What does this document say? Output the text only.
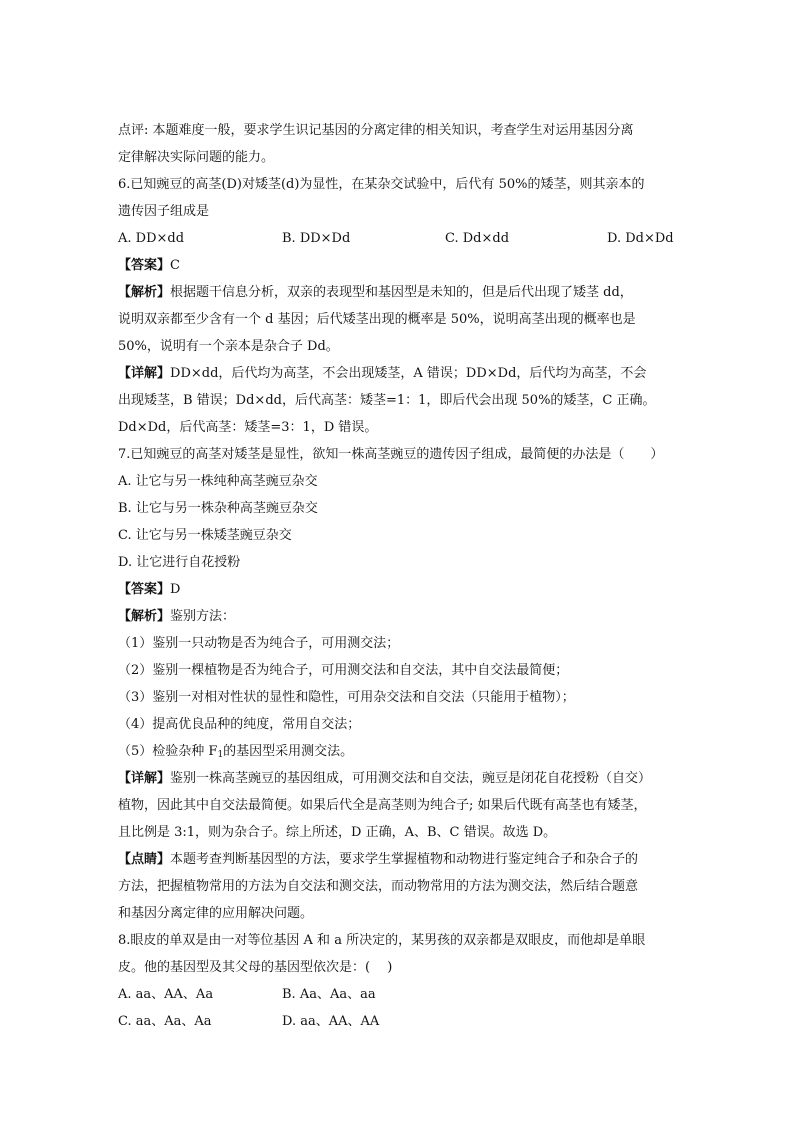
点评: 本题难度一般，要求学生识记基因的分离定律的相关知识，考查学生对运用基因分离
定律解决实际问题的能力。
6.已知豌豆的高茎(D)对矮茎(d)为显性，在某杂交试验中，后代有 50%的矮茎，则其亲本的
遗传因子组成是
A. DD×dd	B. DD×Dd	C. Dd×dd	D. Dd×Dd
【答案】C
【解析】根据题干信息分析，双亲的表现型和基因型是未知的，但是后代出现了矮茎 dd，
说明双亲都至少含有一个 d 基因；后代矮茎出现的概率是 50%，说明高茎出现的概率也是
50%，说明有一个亲本是杂合子 Dd。
【详解】DD×dd，后代均为高茎，不会出现矮茎，A 错误；DD×Dd，后代均为高茎，不会
出现矮茎，B 错误；Dd×dd，后代高茎：矮茎=1：1，即后代会出现 50%的矮茎，C 正确。
Dd×Dd，后代高茎：矮茎=3：1，D 错误。
7.已知豌豆的高茎对矮茎是显性，欲知一株高茎豌豆的遗传因子组成，最简便的办法是（　　）
A. 让它与另一株纯种高茎豌豆杂交
B. 让它与另一株杂种高茎豌豆杂交
C. 让它与另一株矮茎豌豆杂交
D. 让它进行自花授粉
【答案】D
【解析】鉴别方法：
（1）鉴别一只动物是否为纯合子，可用测交法；
（2）鉴别一棵植物是否为纯合子，可用测交法和自交法，其中自交法最简便；
（3）鉴别一对相对性状的显性和隐性，可用杂交法和自交法（只能用于植物）；
（4）提高优良品种的纯度，常用自交法；
（5）检验杂种 $F_1$的基因型采用测交法。
【详解】鉴别一株高茎豌豆的基因组成，可用测交法和自交法，豌豆是闭花自花授粉（自交）
植物，因此其中自交法最简便。如果后代全是高茎则为纯合子; 如果后代既有高茎也有矮茎，
且比例是 3:1，则为杂合子。综上所述，D 正确，A、B、C 错误。故选 D。
【点睛】本题考查判断基因型的方法，要求学生掌握植物和动物进行鉴定纯合子和杂合子的
方法，把握植物常用的方法为自交法和测交法，而动物常用的方法为测交法，然后结合题意
和基因分离定律的应用解决问题。
8.眼皮的单双是由一对等位基因 A 和 a 所决定的，某男孩的双亲都是双眼皮，而他却是单眼
皮。他的基因型及其父母的基因型依次是：(　 )
A. aa、AA、Aa	B. Aa、Aa、aa
C. aa、Aa、Aa	D. aa、AA、AA
